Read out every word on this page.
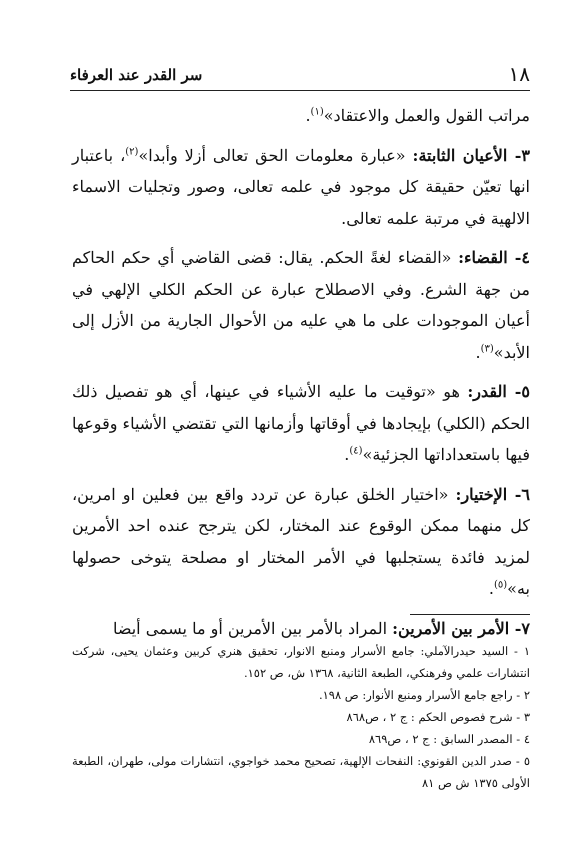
سر القدر عند العرفاء	١٨

مراتب القول والعمل والاعتقاد»$^{(١)}$.

٣- الأعيان الثابتة: «عبارة معلومات الحق تعالى أزلا وأبدا»$^{(٢)}$، باعتبار انها تعيّن حقيقة كل موجود في علمه تعالى، وصور وتجليات الاسماء الالهية في مرتبة علمه تعالى.

٤- القضاء: «القضاء لغةً الحكم. يقال: قضى القاضي أي حكم الحاكم من جهة الشرع. وفي الاصطلاح عبارة عن الحكم الكلي الإلهي في أعيان الموجودات على ما هي عليه من الأحوال الجارية من الأزل إلى الأبد»$^{(٣)}$.

٥- القدر: هو «توقيت ما عليه الأشياء في عينها، أي هو تفصيل ذلك الحكم (الكلي) بإيجادها في أوقاتها وأزمانها التي تقتضي الأشياء وقوعها فيها باستعداداتها الجزئية»$^{(٤)}$.

٦- الإختيار: «اختيار الخلق عبارة عن تردد واقع بين فعلين او امرين، كل منهما ممكن الوقوع عند المختار، لكن يترجح عنده احد الأمرين لمزيد فائدة يستجلبها في الأمر المختار او مصلحة يتوخى حصولها به»$^{(٥)}$.

٧- الأمر بين الأمرين: المراد بالأمر بين الأمرين أو ما يسمى أيضا

١ - السيد حيدرالآملي: جامع الأسرار ومنبع الانوار، تحقيق هنري كربين وعثمان يحيى، شركت انتشارات علمي وفرهنكي، الطبعة الثانية، ١٣٦٨ ش، ص ١٥٢.

٢ - راجع جامع الأسرار ومنبع الأنوار: ص ١٩٨.

٣ - شرح فصوص الحكم : ج ٢ ، ص٨٦٨

٤ - المصدر السابق : ج ٢ ، ص٨٦٩

٥ - صدر الدين القونوي: النفحات الإلهية، تصحيح محمد خواجوي، انتشارات مولى، طهران، الطبعة الأولى ١٣٧٥ ش ص ٨١
